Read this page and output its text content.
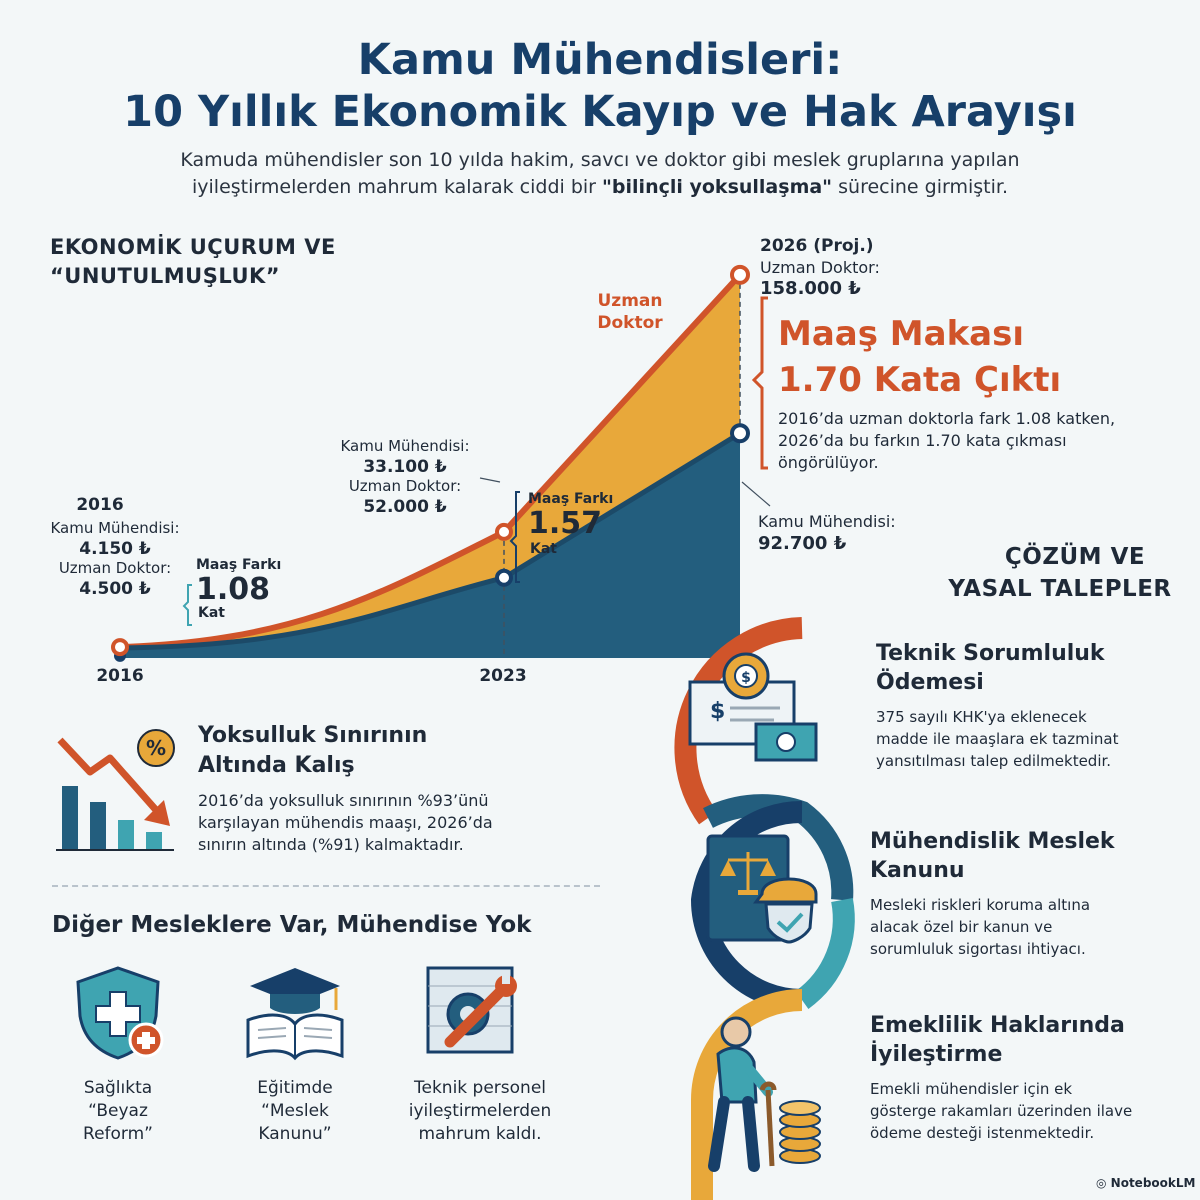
Kamu Mühendisleri:
10 Yıllık Ekonomik Kayıp ve Hak Arayışı
Kamuda mühendisler son 10 yılda hakim, savcı ve doktor gibi meslek gruplarına yapılan
iyileştirmelerden mahrum kalarak ciddi bir "bilinçli yoksullaşma" sürecine girmiştir.
EKONOMİK UÇURUM VE
“UNUTULMUŞLUK”
2016	2023
Uzman
Doktor
2016
Kamu Mühendisi:
4.150 ₺
Uzman Doktor:
4.500 ₺
Maaş Farkı
1.08
Kat
Kamu Mühendisi:
33.100 ₺
Uzman Doktor:
52.000 ₺	Maaş Farkı
1.57
Kat
2026 (Proj.)
Uzman Doktor:
158.000 ₺
Maaş Makası
1.70 Kata Çıktı
2016’da uzman doktorla fark 1.08 katken,
2026’da bu farkın 1.70 kata çıkması
öngörülüyor.
Kamu Mühendisi:
92.700 ₺
% Yoksulluk Sınırının
Altında Kalış
2016’da yoksulluk sınırının %93’ünü
karşılayan mühendis maaşı, 2026’da
sınırın altında (%91) kalmaktadır.
Diğer Mesleklere Var, Mühendise Yok
Sağlıkta
“Beyaz
Reform”
Eğitimde
“Meslek
Kanunu”
Teknik personel
iyileştirmelerden
mahrum kaldı.
ÇÖZÜM VE
YASAL TALEPLER
$
$
Teknik Sorumluluk
Ödemesi
375 sayılı KHK'ya eklenecek
madde ile maaşlara ek tazminat
yansıtılması talep edilmektedir.
Mühendislik Meslek
Kanunu
Mesleki riskleri koruma altına
alacak özel bir kanun ve
sorumluluk sigortası ihtiyacı.
Emeklilik Haklarında
İyileştirme
Emekli mühendisler için ek
gösterge rakamları üzerinden ilave
ödeme desteği istenmektedir.
◎ NotebookLM
